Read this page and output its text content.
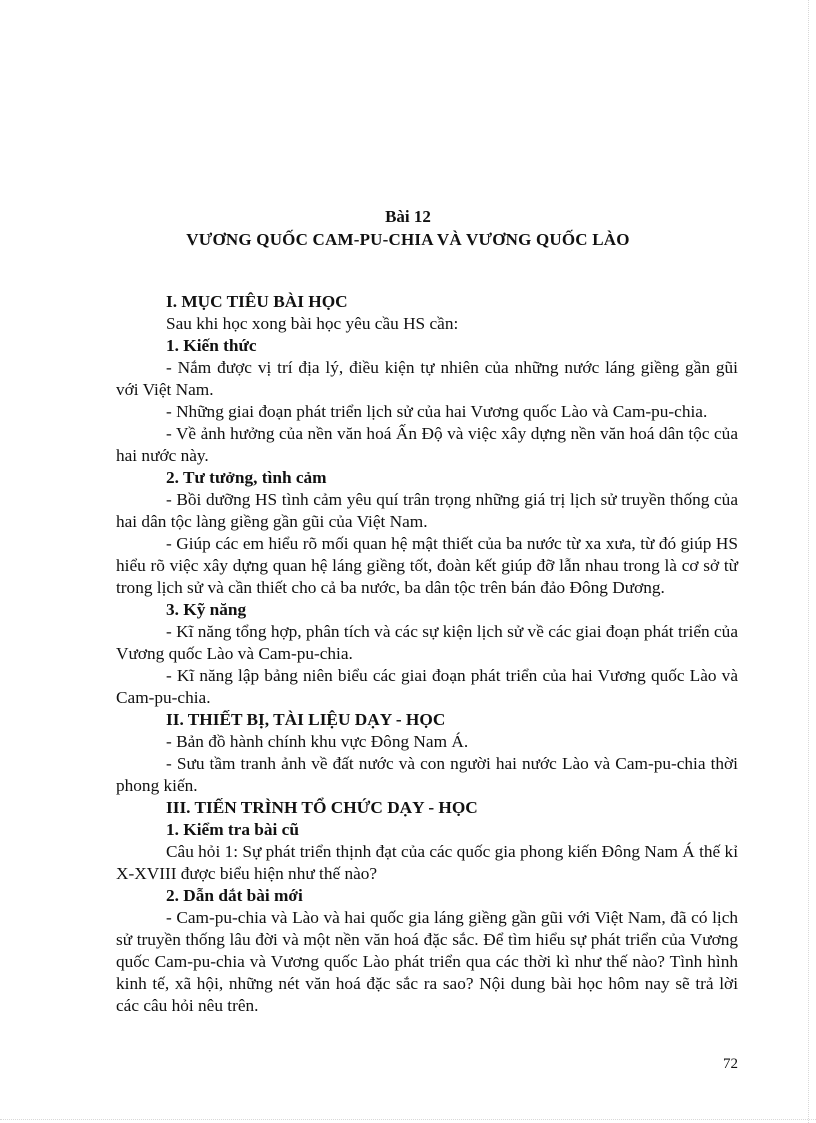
Bài 12
VƯƠNG QUỐC CAM-PU-CHIA VÀ VƯƠNG QUỐC LÀO

I. MỤC TIÊU BÀI HỌC

Sau khi học xong bài học yêu cầu HS cần:

1. Kiến thức

- Nắm được vị trí địa lý, điều kiện tự nhiên của những nước láng giềng gần gũi với Việt Nam.

- Những giai đoạn phát triển lịch sử của hai Vương quốc Lào và Cam-pu-chia.

- Về ảnh hưởng của nền văn hoá Ấn Độ và việc xây dựng nền văn hoá dân tộc của hai nước này.

2. Tư tưởng, tình cảm

- Bồi dưỡng HS tình cảm yêu quí trân trọng những giá trị lịch sử truyền thống của hai dân tộc làng giềng gần gũi của Việt Nam.

- Giúp các em hiểu rõ mối quan hệ mật thiết của ba nước từ xa xưa, từ đó giúp HS hiểu rõ việc xây dựng quan hệ láng giềng tốt, đoàn kết giúp đỡ lẫn nhau trong là cơ sở từ trong lịch sử và cần thiết cho cả ba nước, ba dân tộc trên bán đảo Đông Dương.

3. Kỹ năng

- Kĩ năng tổng hợp, phân tích và các sự kiện lịch sử về các giai đoạn phát triển của Vương quốc Lào và Cam-pu-chia.

- Kĩ năng lập bảng niên biểu các giai đoạn phát triển của hai Vương quốc Lào và Cam-pu-chia.

II. THIẾT BỊ, TÀI LIỆU DẠY - HỌC

- Bản đồ hành chính khu vực Đông Nam Á.

- Sưu tầm tranh ảnh về đất nước và con người hai nước Lào và Cam-pu-chia thời phong kiến.

III. TIẾN TRÌNH TỔ CHỨC DẠY - HỌC

1. Kiểm tra bài cũ

Câu hỏi 1: Sự phát triển thịnh đạt của các quốc gia phong kiến Đông Nam Á thế kỉ X-XVIII được biểu hiện như thế nào?

2. Dẫn dắt bài mới

- Cam-pu-chia và Lào và hai quốc gia láng giềng gần gũi với Việt Nam, đã có lịch sử truyền thống lâu đời và một nền văn hoá đặc sắc. Để tìm hiểu sự phát triển của Vương quốc Cam-pu-chia và Vương quốc Lào phát triển qua các thời kì như thế nào? Tình hình kinh tế, xã hội, những nét văn hoá đặc sắc ra sao? Nội dung bài học hôm nay sẽ trả lời các câu hỏi nêu trên.

72
